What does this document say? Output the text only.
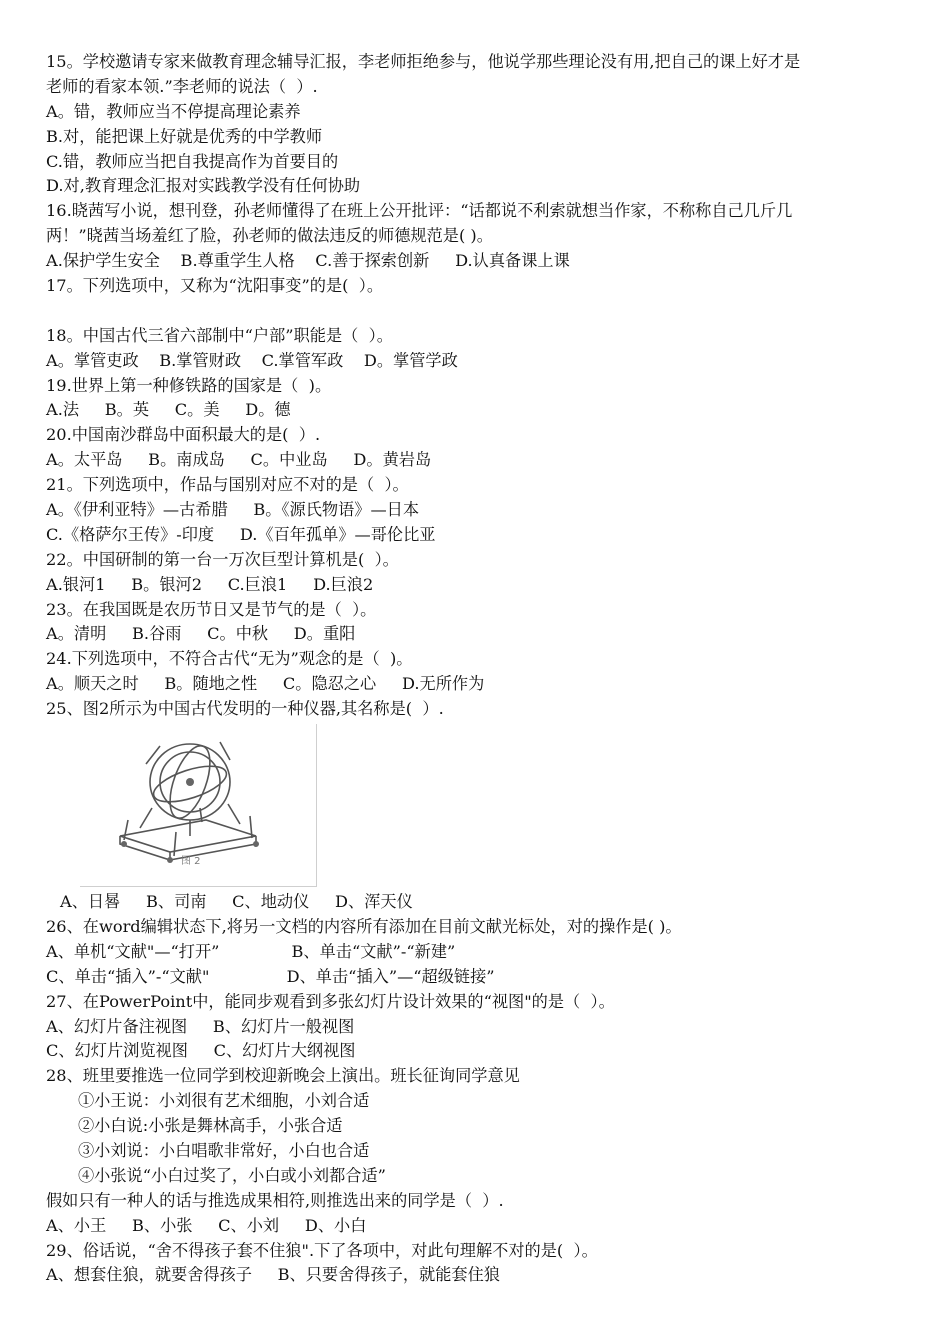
15。学校邀请专家来做教育理念辅导汇报，李老师拒绝参与，他说学那些理论没有用,把自己的课上好才是
老师的看家本领.”李老师的说法（  ）.
A。错，教师应当不停提高理论素养
B.对，能把课上好就是优秀的中学教师
C.错，教师应当把自我提高作为首要目的
D.对,教育理念汇报对实践教学没有任何协助
16.晓茜写小说，想刊登，孙老师懂得了在班上公开批评：“话都说不利索就想当作家，不称称自己几斤几
两！”晓茜当场羞红了脸，孙老师的做法违反的师德规范是( )。
A.保护学生安全    B.尊重学生人格    C.善于探索创新     D.认真备课上课
17。下列选项中，又称为“沈阳事变”的是(  ）。
18。中国古代三省六部制中“户部”职能是（  ）。
A。掌管吏政    B.掌管财政    C.掌管军政    D。掌管学政
19.世界上第一种修铁路的国家是（  )。
A.法     B。英     C。美     D。德
20.中国南沙群岛中面积最大的是(  ）.
A。太平岛     B。南成岛     C。中业岛     D。黄岩岛
21。下列选项中，作品与国别对应不对的是（  ）。
A。《伊利亚特》—古希腊     B。《源氏物语》—日本
C.《格萨尔王传》-印度     D.《百年孤单》—哥伦比亚
22。中国研制的第一台一万次巨型计算机是(  ）。
A.银河1     B。银河2     C.巨浪1     D.巨浪2
23。在我国既是农历节日又是节气的是（  ）。
A。清明     B.谷雨     C。中秋     D。重阳
24.下列选项中，不符合古代“无为”观念的是（  )。
A。顺天之时     B。随地之性     C。隐忍之心     D.无所作为
25、图2所示为中国古代发明的一种仪器,其名称是(  ）.
图 2
A、日晷     B、司南     C、地动仪     D、浑天仪
26、在word编辑状态下,将另一文档的内容所有添加在目前文献光标处，对的操作是( )。
A、单机“文献"—“打开”              B、单击“文献”-“新建”
C、单击“插入”-“文献"               D、单击“插入”—“超级链接”
27、在PowerPoint中，能同步观看到多张幻灯片设计效果的“视图"的是（  ）。
A、幻灯片备注视图     B、幻灯片一般视图
C、幻灯片浏览视图     C、幻灯片大纲视图
28、班里要推选一位同学到校迎新晚会上演出。班长征询同学意见
①小王说：小刘很有艺术细胞，小刘合适
②小白说:小张是舞林高手，小张合适
③小刘说：小白唱歌非常好，小白也合适
④小张说“小白过奖了，小白或小刘都合适”
假如只有一种人的话与推选成果相符,则推选出来的同学是（  ）.
A、小王     B、小张     C、小刘     D、小白
29、俗话说，“舍不得孩子套不住狼".下了各项中，对此句理解不对的是(  ）。
A、想套住狼，就要舍得孩子     B、只要舍得孩子，就能套住狼
